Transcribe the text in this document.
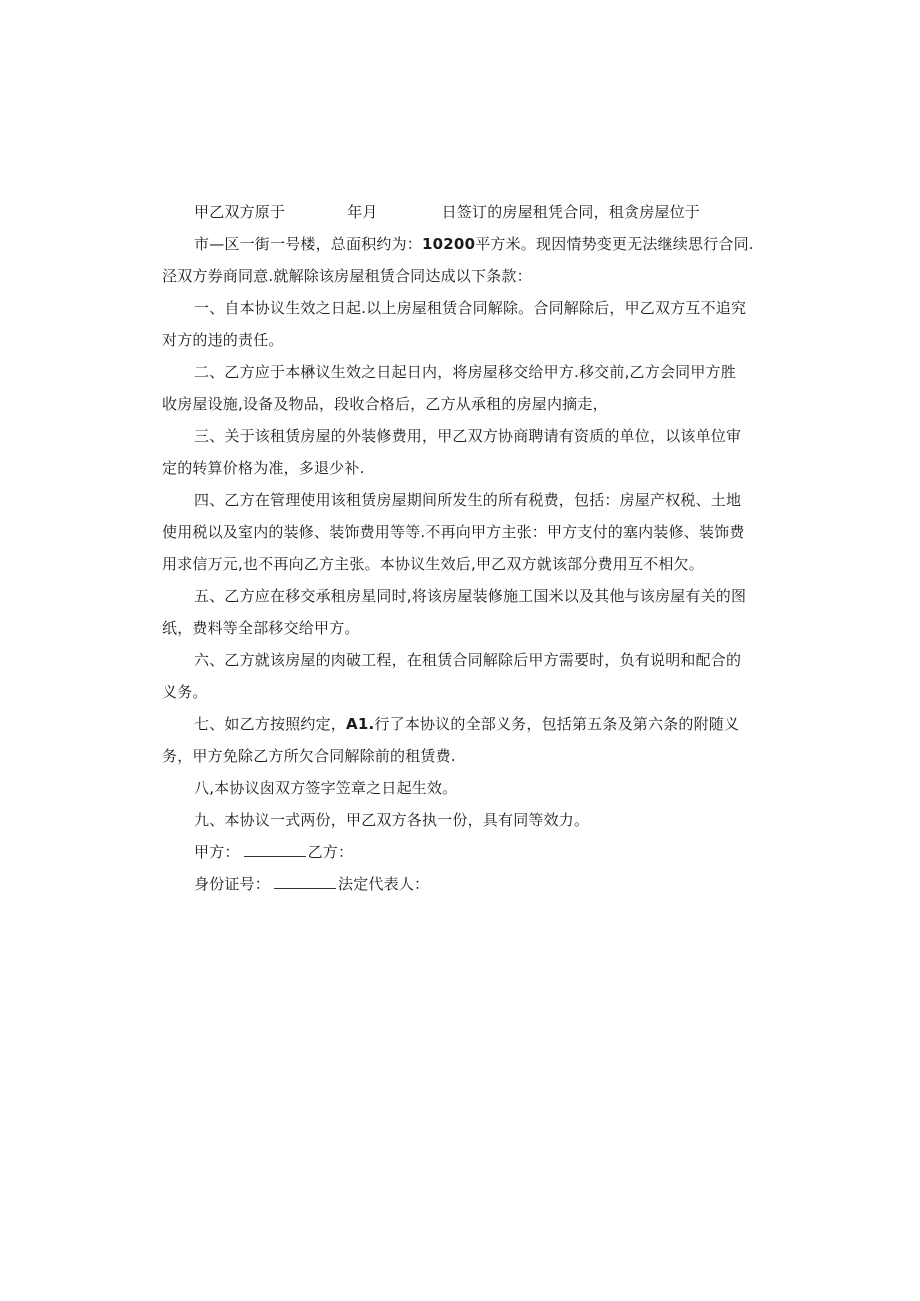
甲乙双方原于	年月	日签订的房屋租凭合同，租贪房屋位于
市—区一街一号楼，总面积约为：10200平方米。现因情势变更无法继续思行合同.

泾双方券商同意.就解除该房屋租赁合同达成以下条款：

一、自本协议生效之日起.以上房屋租赁合同解除。合同解除后，甲乙双方互不追究

对方的违的责任。

二、乙方应于本楙议生效之日起日内，将房屋移交给甲方.移交前,乙方会同甲方胜

收房屋设施,设备及物品，段收合格后，乙方从承租的房屋内摘走，

三、关于该租赁房屋的外装修费用，甲乙双方协商聘请有资质的单位，以该单位审

定的转算价格为准，多退少补.

四、乙方在管理使用该租赁房屋期间所发生的所有税费，包括：房屋产权税、土地

使用税以及室内的装修、装饰费用等等.不再向甲方主张：甲方支付的塞内装修、装饰费
用求信万元,也不再向乙方主张。本协议生效后,甲乙双方就该部分费用互不相欠。

五、乙方应在移交承租房星同时,将该房屋装修施工国米以及其他与该房屋有关的图

纸，费料等全部移交给甲方。

六、乙方就该房屋的肉破工程，在租赁合同解除后甲方需要时，负有说明和配合的

义务。

七、如乙方按照约定，A1.行了本协议的全部义务，包括第五条及第六条的附随义

务，甲方免除乙方所欠合同解除前的租赁费.

八,本协议囱双方签字笠章之日起生效。

九、本协议一式两份，甲乙双方各执一份，具有同等效力。

甲方：	乙方：

身份证号：	法定代表人：
